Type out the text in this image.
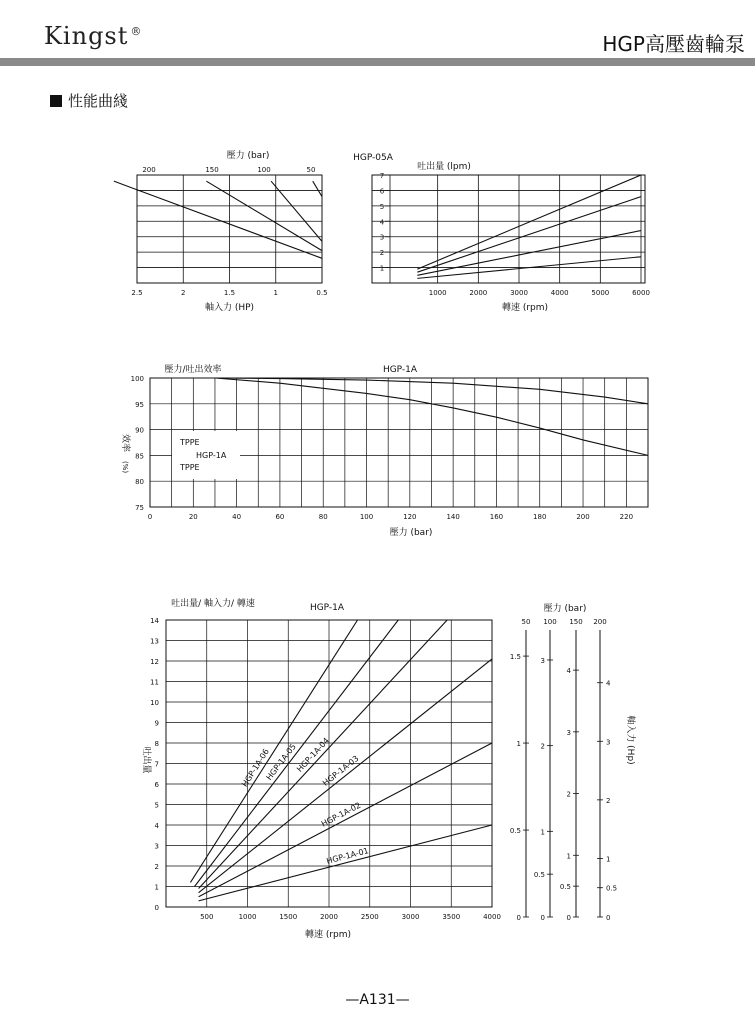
Kingst ®
HGP高壓齒輪泵
性能曲綫
2.5	2	1.5	1	0.5
軸入力 (HP)
壓力 (bar)
200	150	100	50
HGP-05A
1000	2000	3000	4000	5000	6000
1
2
3
4
5
6
7
吐出量 (lpm)
轉速 (rpm)
0	20	40	60	80	100	120	140	160	180	200	220
75
80
85
90
95
100
壓力/吐出效率	HGP-1A
壓力 (bar)
效率
(%)
TPPE
HGP-1A
TPPE
500	1000	1500	2000	2500	3000	3500	4000
0
1
2
3
4
5
6
7
8
9
10
11
12
13
14
吐出量/ 軸入力/ 轉速	HGP-1A
轉速 (rpm)
吐出量	HGP-1A-06
HGP-1A-05
HGP-1A-04
HGP-1A-03
HGP-1A-02
HGP-1A-01
壓力 (bar)
50 100 150 200
1.5
1
0.5
0
3
2
1
0.5
0
4
3
2
1
0.5
0
4
3
2
1
0.5
0
軸入力 (Hp)
—A131—
